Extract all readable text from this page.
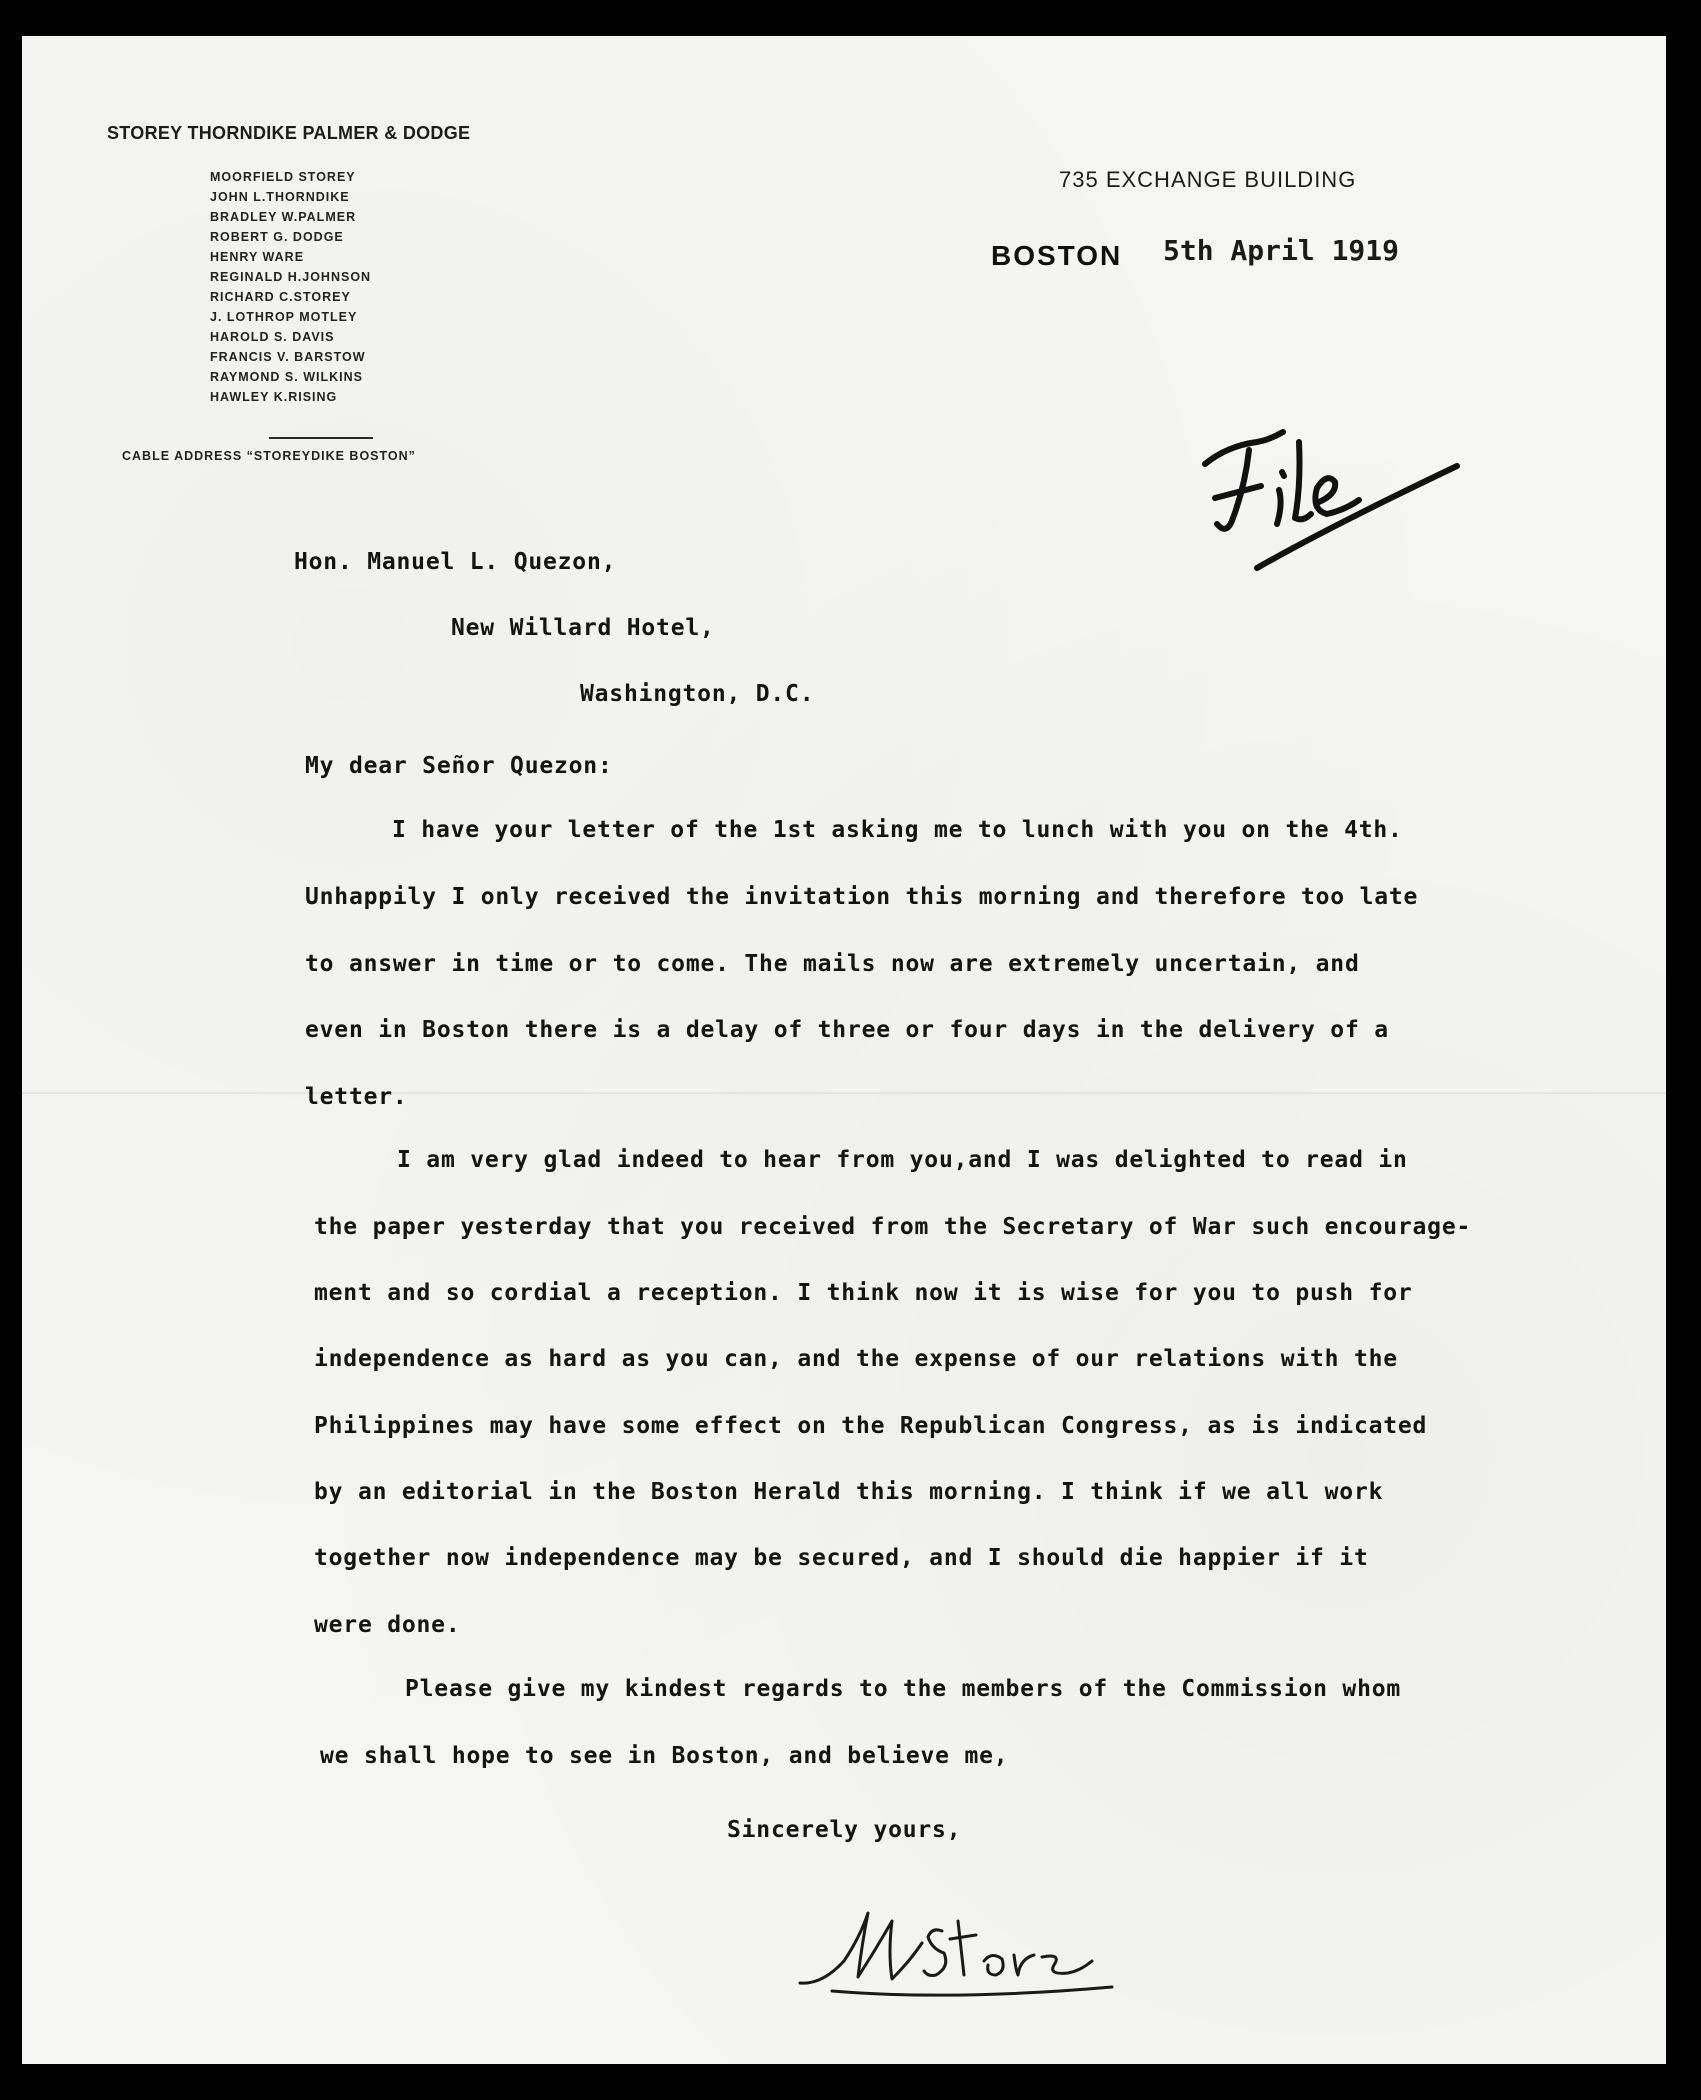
STOREY THORNDIKE PALMER & DODGE
MOORFIELD STOREY
JOHN L.THORNDIKE
BRADLEY W.PALMER
ROBERT G. DODGE
HENRY WARE
REGINALD H.JOHNSON
RICHARD C.STOREY
J. LOTHROP MOTLEY
HAROLD S. DAVIS
FRANCIS V. BARSTOW
RAYMOND S. WILKINS
HAWLEY K.RISING
CABLE ADDRESS “STOREYDIKE BOSTON”
735 EXCHANGE BUILDING
BOSTON 5th April 1919
Hon. Manuel L. Quezon,
New Willard Hotel,
Washington, D.C.
My dear Señor Quezon:
I have your letter of the 1st asking me to lunch with you on the 4th.
Unhappily I only received the invitation this morning and therefore too late
to answer in time or to come. The mails now are extremely uncertain, and
even in Boston there is a delay of three or four days in the delivery of a
letter.
I am very glad indeed to hear from you,and I was delighted to read in
the paper yesterday that you received from the Secretary of War such encourage-
ment and so cordial a reception. I think now it is wise for you to push for
independence as hard as you can, and the expense of our relations with the
Philippines may have some effect on the Republican Congress, as is indicated
by an editorial in the Boston Herald this morning. I think if we all work
together now independence may be secured, and I should die happier if it
were done.
Please give my kindest regards to the members of the Commission whom
we shall hope to see in Boston, and believe me,
Sincerely yours,
